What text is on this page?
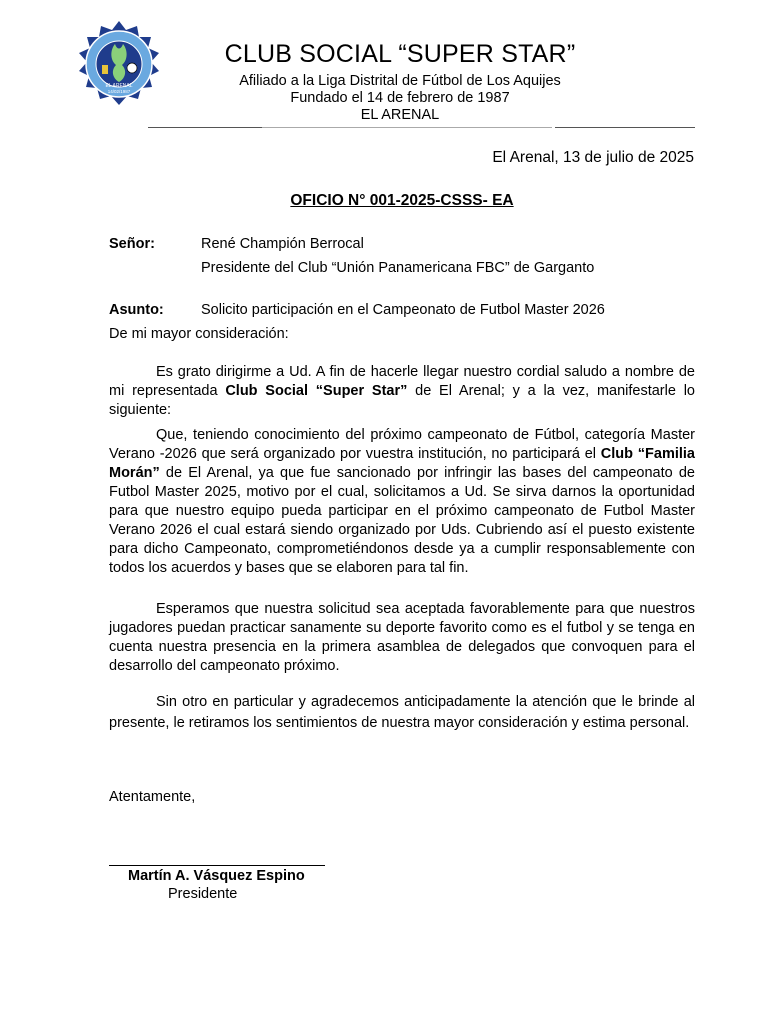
EL ARENAL
14/02/1987
CLUB SOCIAL “SUPER STAR”
Afiliado a la Liga Distrital de Fútbol de Los Aquijes
Fundado el 14 de febrero de 1987
EL ARENAL
El Arenal, 13 de julio de 2025
OFICIO N° 001-2025-CSSS- EA
Señor:	René Champión Berrocal
Presidente del Club “Unión Panamericana FBC” de Garganto
Asunto:	Solicito participación en el Campeonato de Futbol Master 2026
De mi mayor consideración:

Es grato dirigirme a Ud. A fin de hacerle llegar nuestro cordial saludo a nombre de mi representada Club Social “Super Star” de El Arenal; y a la vez, manifestarle lo siguiente:

Que, teniendo conocimiento del próximo campeonato de Fútbol, categoría Master Verano -2026 que será organizado por vuestra institución, no participará el Club “Familia Morán” de El Arenal, ya que fue sancionado por infringir las bases del campeonato de Futbol Master 2025, motivo por el cual, solicitamos a Ud. Se sirva darnos la oportunidad para que nuestro equipo pueda participar en el próximo campeonato de Futbol Master Verano 2026 el cual estará siendo organizado por Uds. Cubriendo así el puesto existente para dicho Campeonato, comprometiéndonos desde ya a cumplir responsablemente con todos los acuerdos y bases que se elaboren para tal fin.

Esperamos que nuestra solicitud sea aceptada favorablemente para que nuestros jugadores puedan practicar sanamente su deporte favorito como es el futbol y se tenga en cuenta nuestra presencia en la primera asamblea de delegados que convoquen para el desarrollo del campeonato próximo.

Sin otro en particular y agradecemos anticipadamente la atención que le brinde al presente, le retiramos los sentimientos de nuestra mayor consideración y estima personal.

Atentamente,
Martín A. Vásquez Espino
Presidente
